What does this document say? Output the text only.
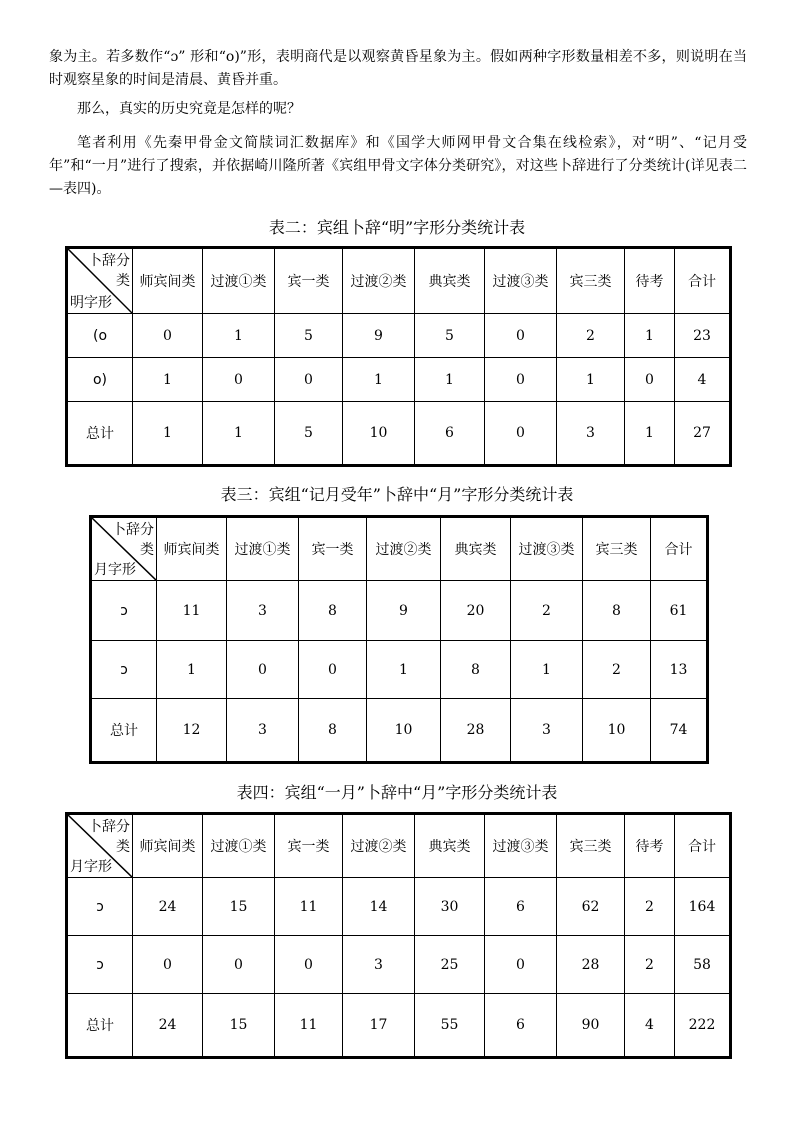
象为主。若多数作“ɔ” 形和“o)”形，表明商代是以观察黄昏星象为主。假如两种字形数量相差不多，则说明在当时观察星象的时间是清晨、黄昏并重。

那么，真实的历史究竟是怎样的呢？

笔者利用《先秦甲骨金文简牍词汇数据库》和《国学大师网甲骨文合集在线检索》，对“明”、“记月受年”和“一月”进行了搜索，并依据崎川隆所著《宾组甲骨文字体分类研究》，对这些卜辞进行了分类统计(详见表二—表四)。

表二：宾组卜辞“明”字形分类统计表

卜辞分
类
明字形	师宾间类	过渡①类	宾一类	过渡②类	典宾类	过渡③类	宾三类	待考	合计
(o	0	1	5	9	5	0	2	1	23
o)	1	0	0	1	1	0	1	0	4
总计	1	1	5	10	6	0	3	1	27

表三：宾组“记月受年”卜辞中“月”字形分类统计表

卜辞分
类
月字形	师宾间类	过渡①类	宾一类	过渡②类	典宾类	过渡③类	宾三类	合计
ↄ	11	3	8	9	20	2	8	61
ɔ	1	0	0	1	8	1	2	13
总计	12	3	8	10	28	3	10	74

表四：宾组“一月”卜辞中“月”字形分类统计表

卜辞分
类
月字形	师宾间类	过渡①类	宾一类	过渡②类	典宾类	过渡③类	宾三类	待考	合计
ↄ	24	15	11	14	30	6	62	2	164
ɔ	0	0	0	3	25	0	28	2	58
总计	24	15	11	17	55	6	90	4	222
